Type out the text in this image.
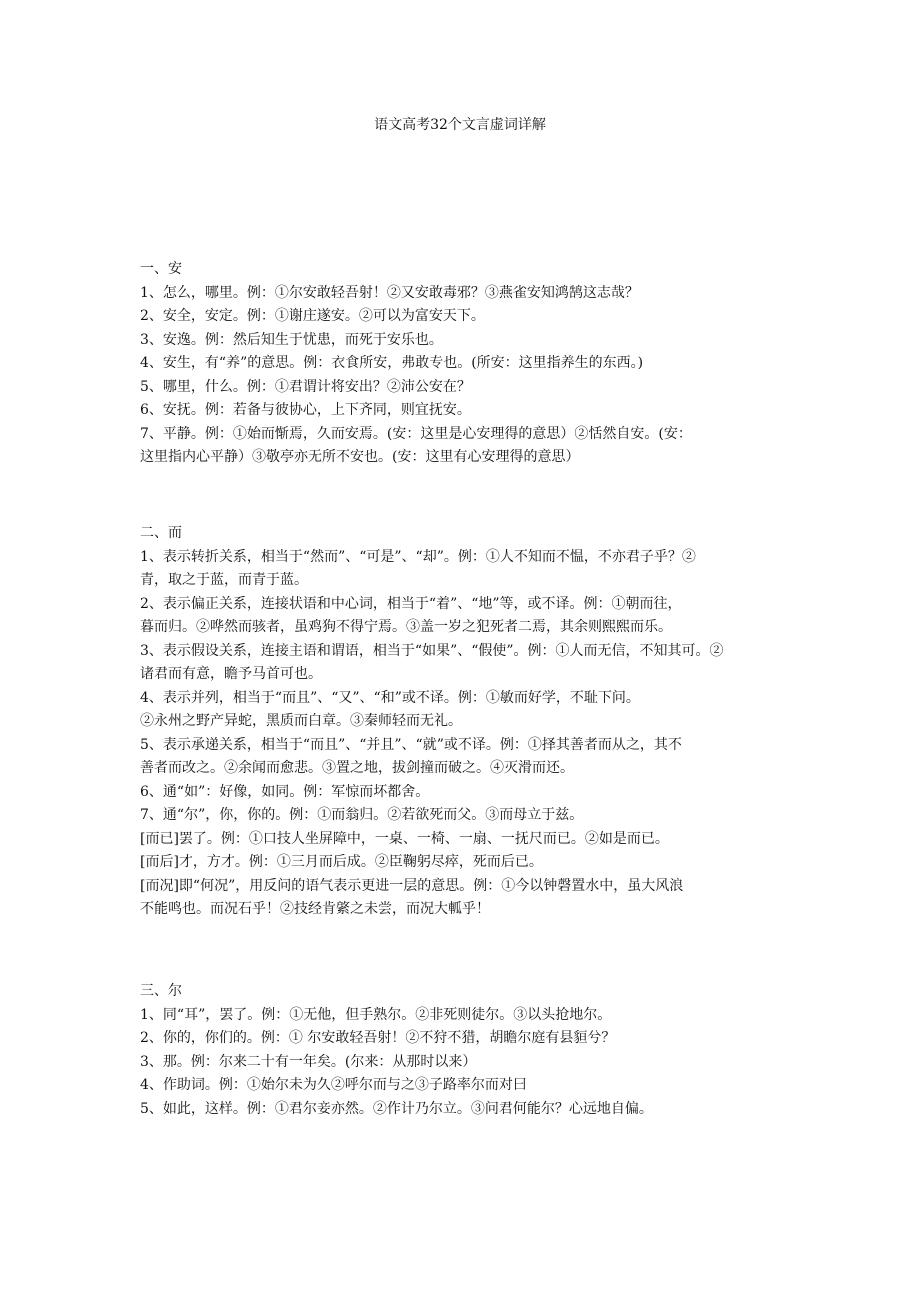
语文高考32个文言虚词详解

一、安

1、怎么，哪里。例：①尔安敢轻吾射！②又安敢毒邪？③燕雀安知鸿鹄这志哉？

2、安全，安定。例：①谢庄遂安。②可以为富安天下。

3、安逸。例：然后知生于忧患，而死于安乐也。

4、安生，有“养”的意思。例：衣食所安，弗敢专也。(所安：这里指养生的东西。)

5、哪里，什么。例：①君谓计将安出？②沛公安在？

6、安抚。例：若备与彼协心，上下齐同，则宜抚安。

7、平静。例：①始而惭焉，久而安焉。(安：这里是心安理得的意思）②恬然自安。(安：

这里指内心平静）③敬亭亦无所不安也。(安：这里有心安理得的意思）

二、而

1、表示转折关系，相当于“然而”、“可是”、“却”。例：①人不知而不愠，不亦君子乎？②

青，取之于蓝，而青于蓝。

2、表示偏正关系，连接状语和中心词，相当于“着”、“地”等，或不译。例：①朝而往，

暮而归。②哗然而骇者，虽鸡狗不得宁焉。③盖一岁之犯死者二焉，其余则熙熙而乐。

3、表示假设关系，连接主语和谓语，相当于“如果”、“假使”。例：①人而无信，不知其可。②

诸君而有意，瞻予马首可也。

4、表示并列，相当于“而且”、“又”、“和”或不译。例：①敏而好学，不耻下问。

②永州之野产异蛇，黑质而白章。③秦师轻而无礼。

5、表示承递关系，相当于“而且”、“并且”、“就”或不译。例：①择其善者而从之，其不

善者而改之。②余闻而愈悲。③置之地，拔剑撞而破之。④灭滑而还。

6、通“如”：好像，如同。例：军惊而坏都舍。

7、通“尔”，你，你的。例：①而翁归。②若欲死而父。③而母立于兹。

[而已]罢了。例：①口技人坐屏障中，一桌、一椅、一扇、一抚尺而已。②如是而已。

[而后]才，方才。例：①三月而后成。②臣鞠躬尽瘁，死而后已。

[而况]即“何况”，用反问的语气表示更进一层的意思。例：①今以钟磬置水中，虽大风浪

不能鸣也。而况石乎！②技经肯綮之未尝，而况大軱乎！

三、尔

1、同“耳”，罢了。例：①无他，但手熟尔。②非死则徒尔。③以头抢地尔。

2、你的，你们的。例：① 尔安敢轻吾射！②不狩不猎，胡瞻尔庭有县貆兮？

3、那。例：尔来二十有一年矣。(尔来：从那时以来）

4、作助词。例：①始尔未为久②呼尔而与之③子路率尔而对曰

5、如此，这样。例：①君尔妾亦然。②作计乃尔立。③问君何能尔？心远地自偏。
